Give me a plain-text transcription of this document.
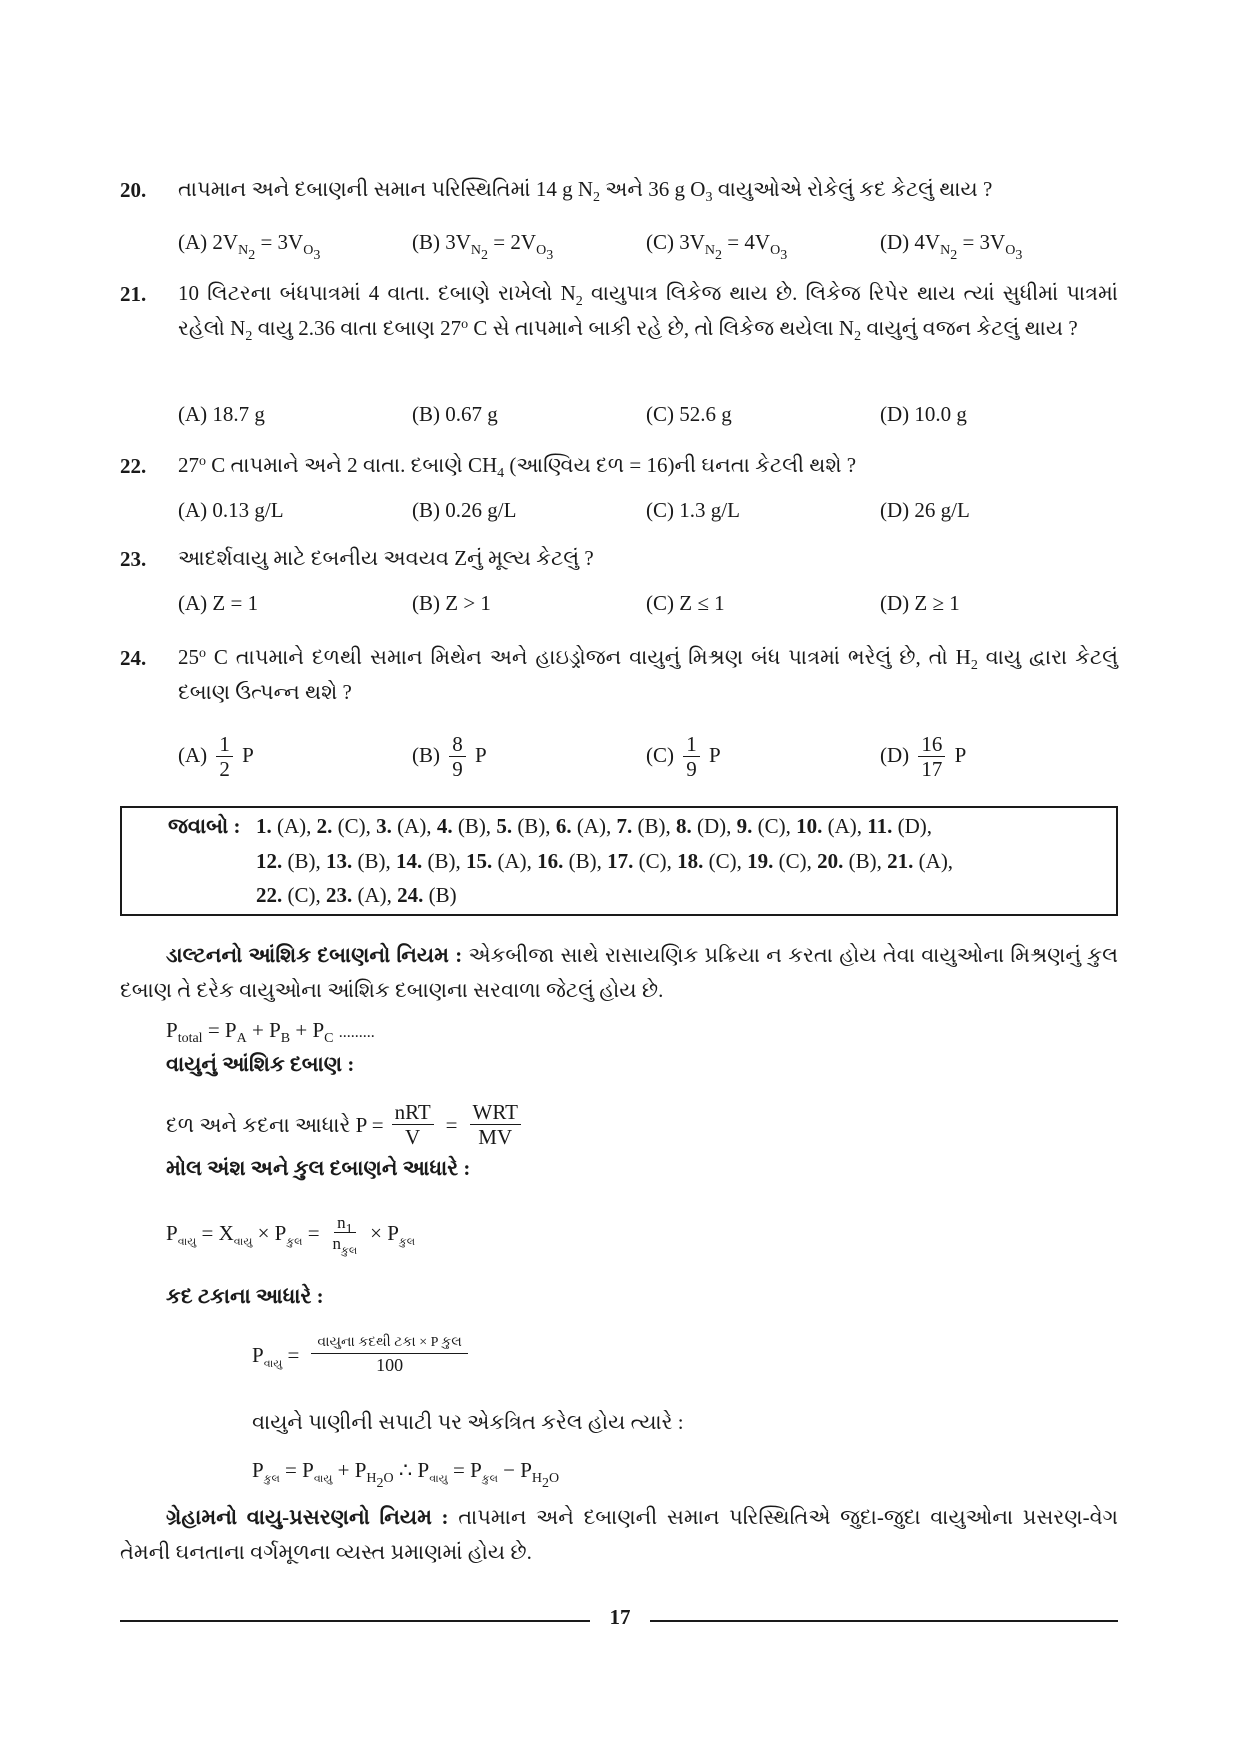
20. તાપમાન અને દબાણની સમાન પરિસ્થિતિમાં 14 g $N_2$ અને 36 g $O_3$ વાયુઓએ રોકેલું કદ કેટલું થાય ?
(A) $2V_{N_2} = 3V_{O_3}$
(B) $3V_{N_2} = 2V_{O_3}$
(C) $3V_{N_2} = 4V_{O_3}$
(D) $4V_{N_2} = 3V_{O_3}$
21. 10 લિટરના બંધપાત્રમાં 4 વાતા. દબાણે રાખેલો $N_2$ વાયુપાત્ર લિકેજ થાય છે. લિકેજ રિપેર થાય ત્યાં સુધીમાં પાત્રમાં રહેલો $N_2$ વાયુ 2.36 વાતા દબાણ 27$^o$ C સે તાપમાને બાકી રહે છે, તો લિકેજ થયેલા $N_2$ વાયુનું વજન કેટલું થાય ?
(A) 18.7 g	(B) 0.67 g	(C) 52.6 g	(D) 10.0 g
22. 27$^o$ C તાપમાને અને 2 વાતા. દબાણે $CH_4$ (આણ્વિય દળ = 16)ની ઘનતા કેટલી થશે ?
(A) 0.13 g/L	(B) 0.26 g/L	(C) 1.3 g/L	(D) 26 g/L
23. આદર્શવાયુ માટે દબનીય અવયવ Zનું મૂલ્ય કેટલું ?
(A) Z = 1	(B) Z > 1	(C) Z ≤ 1	(D) Z ≥ 1
24. 25$^o$ C તાપમાને દળથી સમાન મિથેન અને હાઇડ્રોજન વાયુનું મિશ્રણ બંધ પાત્રમાં ભરેલું છે, તો $H_2$ વાયુ દ્વારા કેટલું દબાણ ઉત્પન્ન થશે ?
$(A) \frac{1}{2}$ P	$(B) \frac{8}{9}$ P	$(C) \frac{1}{9}$ P	$(D) \frac{16}{17}$ P
જવાબો : 1. (A), 2. (C), 3. (A), 4. (B), 5. (B), 6. (A), 7. (B), 8. (D), 9. (C), 10. (A), 11. (D),
12. (B), 13. (B), 14. (B), 15. (A), 16. (B), 17. (C), 18. (C), 19. (C), 20. (B), 21. (A),
22. (C), 23. (A), 24. (B)
ડાલ્ટનનો આંશિક દબાણનો નિયમ : એકબીજા સાથે રાસાયણિક પ્રક્રિયા ન કરતા હોય તેવા વાયુઓના મિશ્રણનું કુલ દબાણ તે દરેક વાયુઓના આંશિક દબાણના સરવાળા જેટલું હોય છે.
$P_{total} = P_A + P_B + P_C$ .........
વાયુનું આંશિક દબાણ :
દળ અને કદના આધારે $P = \frac{\text{nRT}}{V} = \frac{\text{WRT}}{MV}$
મોલ અંશ અને કુલ દબાણને આધારે :
$P_{વાયુ} = X_{વાયુ} \times P_{કુલ} = \frac{n_1}{n_{કુલ}} \times P_{કુલ}$
કદ ટકાના આધારે :
$P_{વાયુ} = \frac{\text{વાયુના કદથી ટકા × P કુલ}}{100}$
વાયુને પાણીની સપાટી પર એકત્રિત કરેલ હોય ત્યારે :
$P_{કુલ} = P_{વાયુ} + P_{H_2O}$ ∴ $P_{વાયુ} = P_{કુલ} - P_{H_2O}$
ગ્રેહામનો વાયુ-પ્રસરણનો નિયમ : તાપમાન અને દબાણની સમાન પરિસ્થિતિએ જુદા-જુદા વાયુઓના પ્રસરણ-વેગ તેમની ઘનતાના વર્ગમૂળના વ્યસ્ત પ્રમાણમાં હોય છે.
17
